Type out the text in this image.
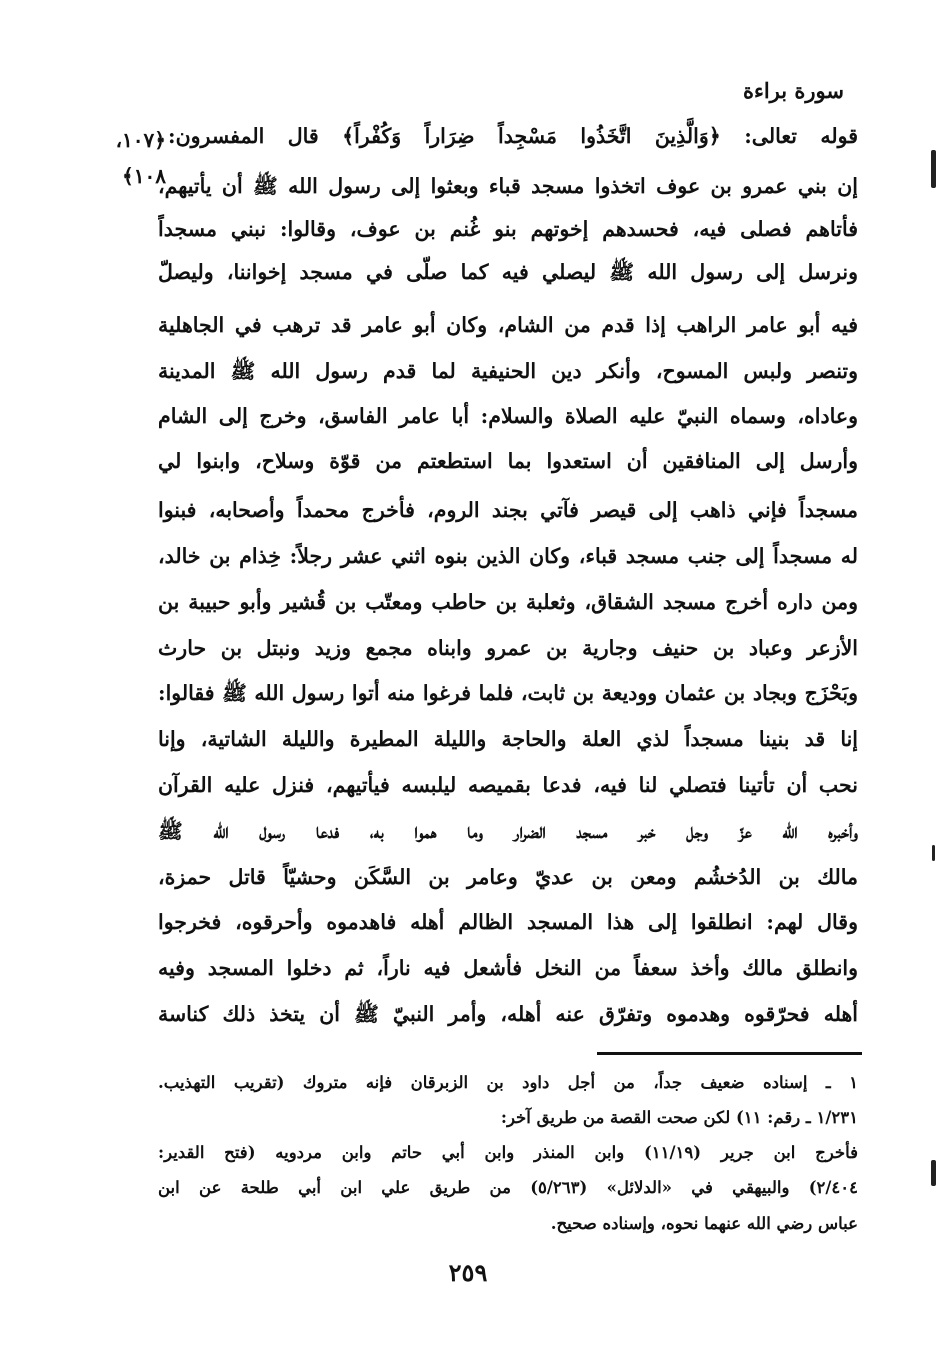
سورة براءة
﴿١٠٧،
١٠٨﴾
قوله تعالى: ﴿وَالَّذِينَ اتَّخَذُوا مَسْجِداً ضِرَاراً وَكُفْراً﴾ قال المفسرون:
إن بني عمرو بن عوف اتخذوا مسجد قباء وبعثوا إلى رسول الله ﷺ أن يأتيهم،
فأتاهم فصلى فيه، فحسدهم إخوتهم بنو غُنم بن عوف، وقالوا: نبني مسجداً
ونرسل إلى رسول الله ﷺ ليصلي فيه كما صلّى في مسجد إخواننا، وليصلّ
فيه أبو عامر الراهب إذا قدم من الشام، وكان أبو عامر قد ترهب في الجاهلية
وتنصر ولبس المسوح، وأنكر دين الحنيفية لما قدم رسول الله ﷺ المدينة
وعاداه، وسماه النبيّ عليه الصلاة والسلام: أبا عامر الفاسق، وخرج إلى الشام
وأرسل إلى المنافقين أن استعدوا بما استطعتم من قوّة وسلاح، وابنوا لي
مسجداً فإني ذاهب إلى قيصر فآتي بجند الروم، فأخرج محمداً وأصحابه، فبنوا
له مسجداً إلى جنب مسجد قباء، وكان الذين بنوه اثني عشر رجلاً: خِذام بن خالد،
ومن داره أخرج مسجد الشقاق، وثعلبة بن حاطب ومعتّب بن قُشير وأبو حبيبة بن
الأزعر وعباد بن حنيف وجارية بن عمرو وابناه مجمع وزيد ونبتل بن حارث
وبَحْزَج وبجاد بن عثمان ووديعة بن ثابت، فلما فرغوا منه أتوا رسول الله ﷺ فقالوا:
إنا قد بنينا مسجداً لذي العلة والحاجة والليلة المطيرة والليلة الشاتية، وإنا
نحب أن تأتينا فتصلي لنا فيه، فدعا بقميصه ليلبسه فيأتيهم، فنزل عليه القرآن
وأخبره الله عزّ وجل خبر مسجد الضرار وما هموا به، فدعا رسول الله ﷺ
مالك بن الدُخشُم ومعن بن عديّ وعامر بن السَّكَن وحشيّاً قاتل حمزة،
وقال لهم: انطلقوا إلى هذا المسجد الظالم أهله فاهدموه وأحرقوه، فخرجوا
وانطلق مالك وأخذ سعفاً من النخل فأشعل فيه ناراً، ثم دخلوا المسجد وفيه
أهله فحرّقوه وهدموه وتفرّق عنه أهله، وأمر النبيّ ﷺ أن يتخذ ذلك كناسة
١ ـ إسناده ضعيف جداً، من أجل داود بن الزبرقان فإنه متروك (تقريب التهذيب.
١/٢٣١ ـ رقم: ١١) لكن صحت القصة من طريق آخر:
فأخرج ابن جرير (١١/١٩) وابن المنذر وابن أبي حاتم وابن مردويه (فتح القدير:
٢/٤٠٤) والبيهقي في «الدلائل» (٥/٢٦٣) من طريق علي ابن أبي طلحة عن ابن
عباس رضي الله عنهما نحوه، وإسناده صحيح.
٢٥٩
